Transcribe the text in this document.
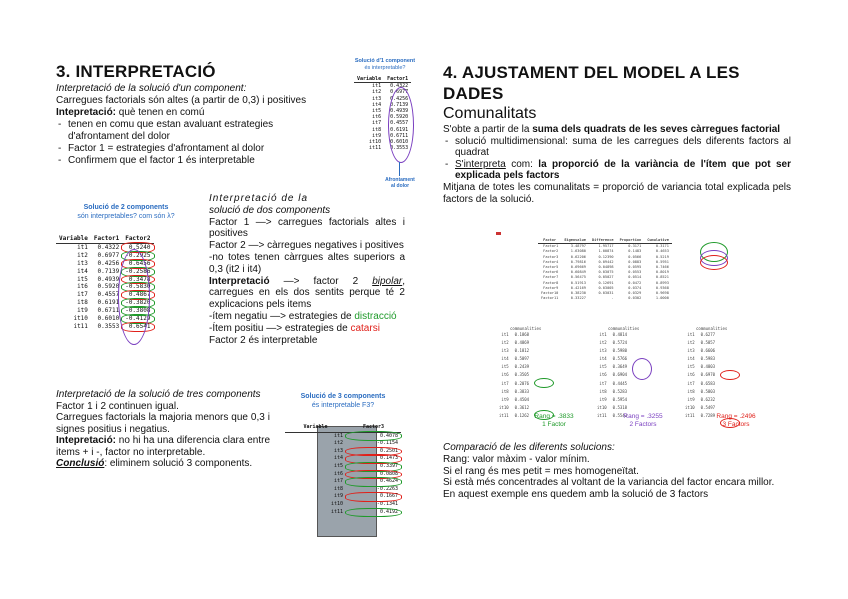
3. INTERPRETACIÓ
Interpretació de la solució d'un component:
Carregues factorials són altes (a partir de 0,3) i positives
Intepretació: què tenen en comú
- tenen en comu que estan avaluant estrategies d'afrontament del dolor
- Factor 1 = estrategies d'afrontament al dolor
- Confirmem que el factor 1 és interpretable
Solució d'1 component
és interpretable?
Variable	Factor1
it1	0.4322
it2	0.6977
it3	0.4256
it4	0.7139
it5	0.4939
it6	0.5920
it7	0.4557
it8	0.6191
it9	0.6711
it10	0.6010
it11	0.3553
Afrontament
al dolor
Solució de 2 components
són interpretables? com són λ?
Variable	Factor1	Factor2
it1	0.4322	0.5240
it2	0.6977	-0.2925
it3	0.4256	0.6456
it4	0.7139	-0.2586
it5	0.4939	0.3478
it6	0.5920	-0.5830
it7	0.4557	0.4867
it8	0.6191	-0.3820
it9	0.6711	-0.3808
it10	0.6010	-0.4129
it11	0.3553	0.6541
Interpretació de la
solució de dos components
Factor 1 —> carregues factorials altes i positives
Factor 2 —> càrregues negatives i positives
-no totes tenen càrrgues altes superiors a 0,3 (it2 i it4)
Interpretació —> factor 2 bipolar, carregues en els dos sentits perque té 2 explicacions pels items
-ítem negatiu —> estrategies de distracció
-Ítem positiu —> estrategies de catarsi
Factor 2 és interpretable
Interpretació de la solució de tres components
Factor 1 i 2 continuen igual.
Carregues factorials la majoria menors que 0,3 i signes positius i negatius.
Intepretació: no hi ha una diferencia clara entre items + i -, factor no interpretable.
Conclusió: eliminem solució 3 components.
Solució de 3 components
és interpretable F3?
Variable	Factor3
it1	0.4078
it2	-0.1154
it3	0.2501
it4	0.1473
it5	0.3397
it6	0.0808
it7	0.4624
it8	-0.2263
it9	0.1667
it10	-0.1341
it11	0.4192
4. AJUSTAMENT DEL MODEL A LES DADES
Comunalitats
S'obte a partir de la suma dels quadrats de les seves càrregues factorial
- solució multidimensional: suma de les carregues dels diferents factors al quadrat
- S'interpreta com: la proporció de la variància de l'ítem que pot ser explicada pels factors
Mitjana de totes les comunalitats = proporció de variancia total explicada pels factors de la solució.
Factor	Eigenvalue	Difference	Proportion	Cumulative
Factor1	3.48797	1.95717	0.3171	0.3171
Factor2	1.63080	1.00874	0.1483	0.4653
Factor3	0.62206	0.12390	0.0566	0.5219
Factor4	0.79816	0.09442	0.0883	0.5951
Factor5	0.69669	0.04898	0.0595	0.7466
Factor6	0.60849	0.03075	0.0553	0.8019
Factor7	0.56475	0.05027	0.0514	0.8521
Factor8	0.51913	0.12691	0.0472	0.8993
Factor9	0.42169	0.03005	0.0374	0.9368
Factor10	0.38230	0.03031	0.0329	0.9698
Factor11	0.33227	.	0.0302	1.0000
communalities
it1	0.1868
it2	0.4869
it3	0.1812
it4	0.5097
it5	0.2439
it6	0.3505
it7	0.2076
it8	0.3833
it9	0.4504
it10	0.3612
it11	0.1262
communalities
it1	0.4814
it2	0.5724
it3	0.5980
it4	0.5766
it5	0.3649
it6	0.6904
it7	0.4445
it8	0.5283
it9	0.5954
it10	0.5318
it11	0.5542
communalities
it1	0.6277
it2	0.5857
it3	0.6606
it4	0.5983
it5	0.4803
it6	0.6970
it7	0.6583
it8	0.5803
it9	0.6232
it10	0.5497
it11	0.7289
Rang = .3833
1 Factor
Rang = .3255
2 Factors
Rang = .2496
3 Factors
Comparació de les diferents solucions:
Rang: valor màxim - valor mínim.
Si el rang és mes petit = mes homogeneïtat.
Si està més concentrades al voltant de la variancia del factor encara millor.
En aquest exemple ens quedem amb la solució de 3 factors
